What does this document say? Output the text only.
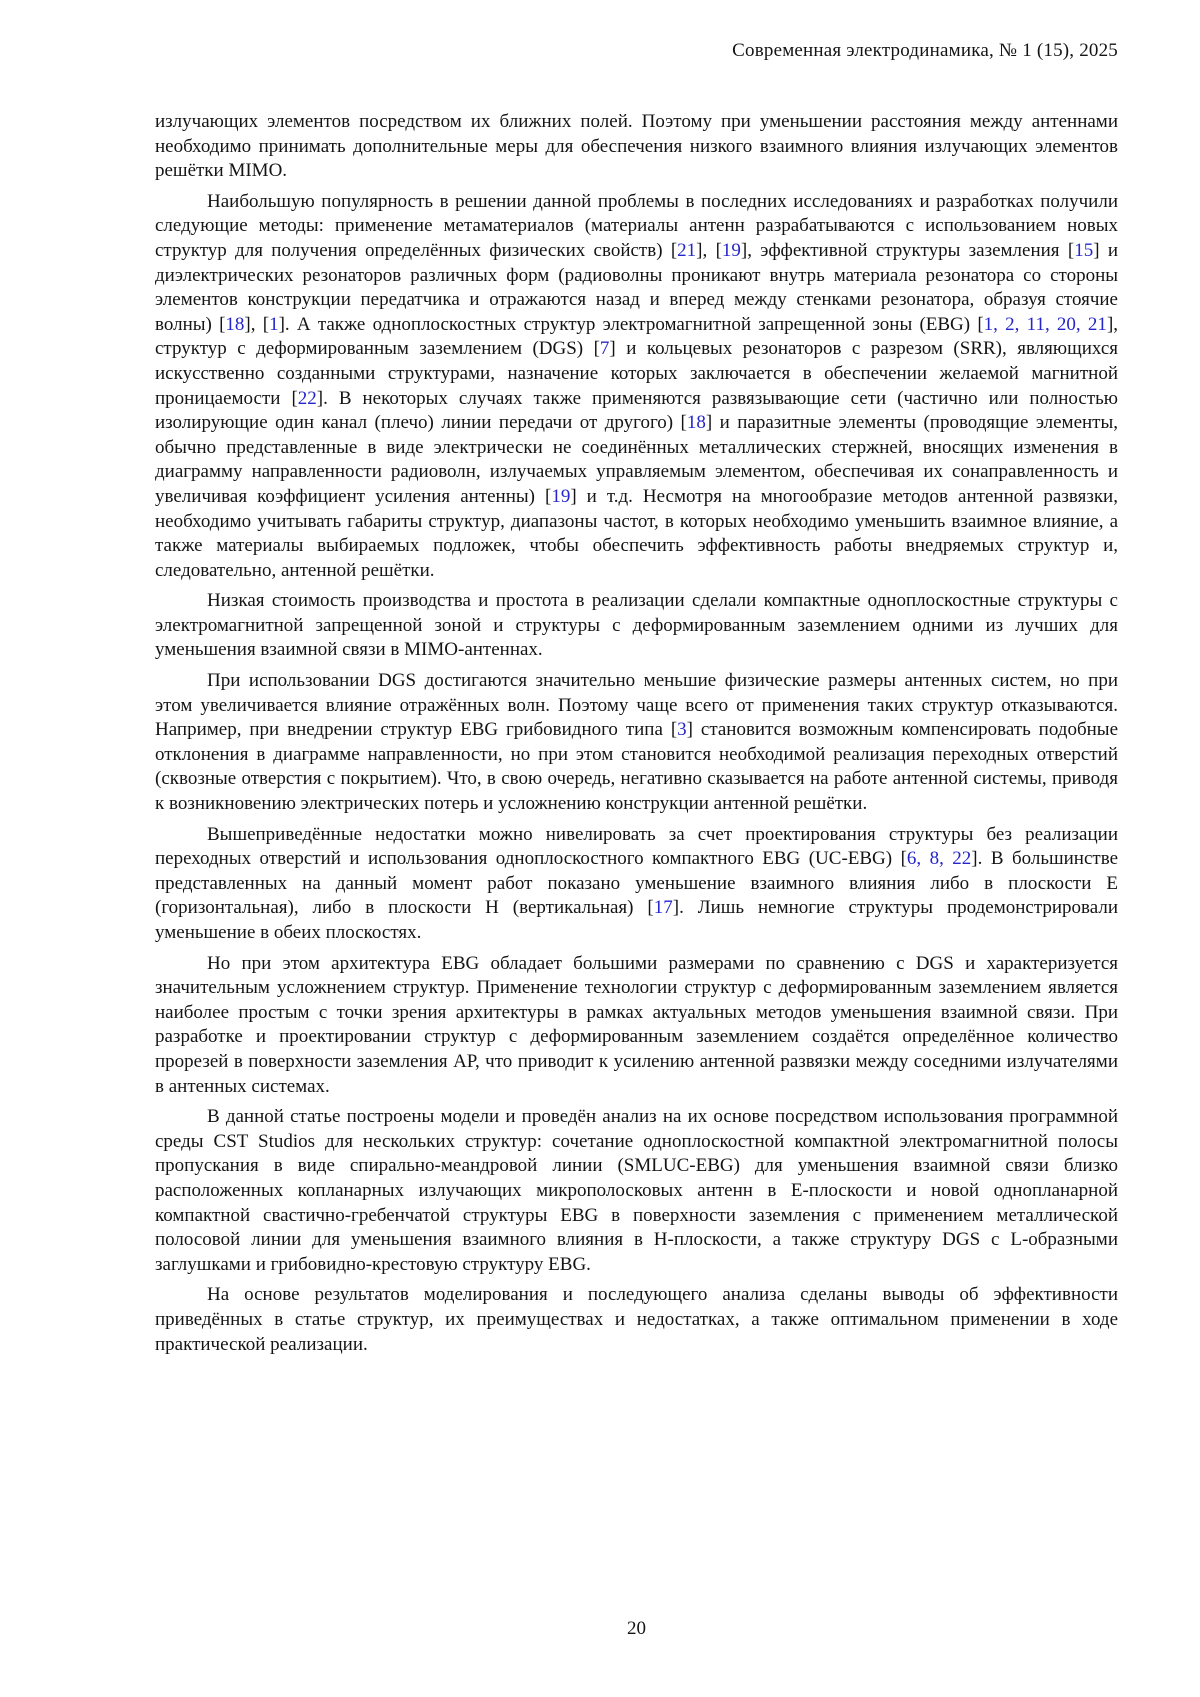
Современная электродинамика, № 1 (15), 2025

излучающих элементов посредством их ближних полей. Поэтому при уменьшении расстояния между антеннами необходимо принимать дополнительные меры для обеспечения низкого взаимного влияния излучающих элементов решётки MIMO.

Наибольшую популярность в решении данной проблемы в последних исследованиях и разработках получили следующие методы: применение метаматериалов (материалы антенн разрабатываются с использованием новых структур для получения определённых физических свойств) [21], [19], эффективной структуры заземления [15] и диэлектрических резонаторов различных форм (радиоволны проникают внутрь материала резонатора со стороны элементов конструкции передатчика и отражаются назад и вперед между стенками резонатора, образуя стоячие волны) [18], [1]. А также одноплоскостных структур электромагнитной запрещенной зоны (EBG) [1, 2, 11, 20, 21], структур с деформированным заземлением (DGS) [7] и кольцевых резонаторов с разрезом (SRR), являющихся искусственно созданными структурами, назначение которых заключается в обеспечении желаемой магнитной проницаемости [22]. В некоторых случаях также применяются развязывающие сети (частично или полностью изолирующие один канал (плечо) линии передачи от другого) [18] и паразитные элементы (проводящие элементы, обычно представленные в виде электрически не соединённых металлических стержней, вносящих изменения в диаграмму направленности радиоволн, излучаемых управляемым элементом, обеспечивая их сонаправленность и увеличивая коэффициент усиления антенны) [19] и т.д. Несмотря на многообразие методов антенной развязки, необходимо учитывать габариты структур, диапазоны частот, в которых необходимо уменьшить взаимное влияние, а также материалы выбираемых подложек, чтобы обеспечить эффективность работы внедряемых структур и, следовательно, антенной решётки.

Низкая стоимость производства и простота в реализации сделали компактные одноплоскостные структуры с электромагнитной запрещенной зоной и структуры с деформированным заземлением одними из лучших для уменьшения взаимной связи в MIMO-антеннах.

При использовании DGS достигаются значительно меньшие физические размеры антенных систем, но при этом увеличивается влияние отражённых волн. Поэтому чаще всего от применения таких структур отказываются. Например, при внедрении структур EBG грибовидного типа [3] становится возможным компенсировать подобные отклонения в диаграмме направленности, но при этом становится необходимой реализация переходных отверстий (сквозные отверстия с покрытием). Что, в свою очередь, негативно сказывается на работе антенной системы, приводя к возникновению электрических потерь и усложнению конструкции антенной решётки.

Вышеприведённые недостатки можно нивелировать за счет проектирования структуры без реализации переходных отверстий и использования одноплоскостного компактного EBG (UC-EBG) [6, 8, 22]. В большинстве представленных на данный момент работ показано уменьшение взаимного влияния либо в плоскости E (горизонтальная), либо в плоскости H (вертикальная) [17]. Лишь немногие структуры продемонстрировали уменьшение в обеих плоскостях.

Но при этом архитектура EBG обладает большими размерами по сравнению с DGS и характеризуется значительным усложнением структур. Применение технологии структур с деформированным заземлением является наиболее простым с точки зрения архитектуры в рамках актуальных методов уменьшения взаимной связи. При разработке и проектировании структур с деформированным заземлением создаётся определённое количество прорезей в поверхности заземления АР, что приводит к усилению антенной развязки между соседними излучателями в антенных системах.

В данной статье построены модели и проведён анализ на их основе посредством использования программной среды CST Studios для нескольких структур: сочетание одноплоскостной компактной электромагнитной полосы пропускания в виде спирально-меандровой линии (SMLUC-EBG) для уменьшения взаимной связи близко расположенных копланарных излучающих микрополосковых антенн в E-плоскости и новой однопланарной компактной свастично-гребенчатой структуры EBG в поверхности заземления с применением металлической полосовой линии для уменьшения взаимного влияния в H-плоскости, а также структуру DGS с L-образными заглушками и грибовидно-крестовую структуру EBG.

На основе результатов моделирования и последующего анализа сделаны выводы об эффективности приведённых в статье структур, их преимуществах и недостатках, а также оптимальном применении в ходе практической реализации.

20
